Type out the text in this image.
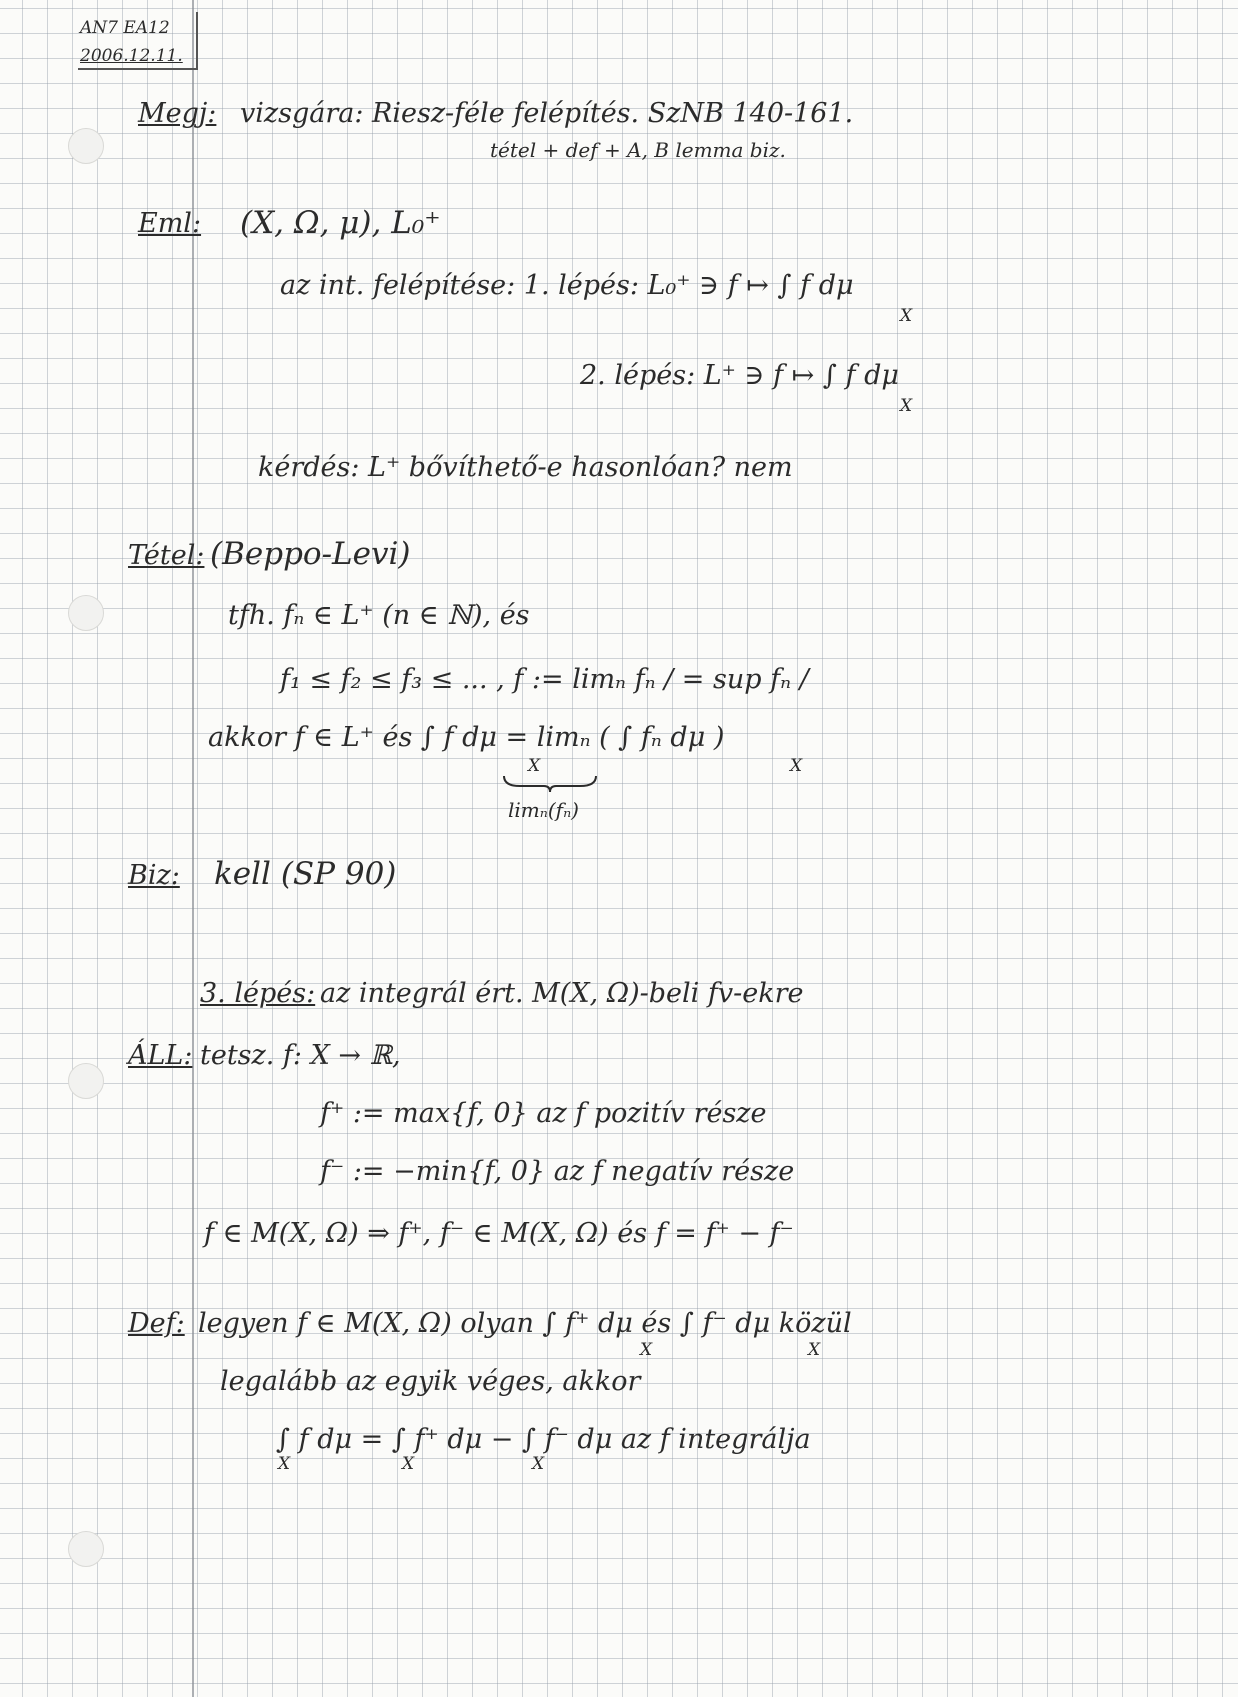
AN7 EA12
2006.12.11.
Megj: vizsgára: Riesz-féle felépítés. SzNB 140-161.
tétel + def + A, B lemma biz.
Eml: (X, Ω, μ), L₀⁺
az int. felépítése: 1. lépés: L₀⁺ ∋ f ↦ ∫ f dμ
X
2. lépés: L⁺ ∋ f ↦ ∫ f dμ
X
kérdés: L⁺ bővíthető-e hasonlóan? nem
Tétel: (Beppo-Levi)
tfh. fₙ ∈ L⁺ (n ∈ ℕ), és
f₁ ≤ f₂ ≤ f₃ ≤ ... , f := limₙ fₙ / = sup fₙ /
akkor f ∈ L⁺ és ∫ f dμ = limₙ ( ∫ fₙ dμ )
X	X
limₙ(fₙ)
Biz: kell (SP 90)
3. lépés: az integrál ért. M(X, Ω)-beli fv-ekre
ÁLL: tetsz. f: X → ℝ,
f⁺ := max{f, 0} az f pozitív része
f⁻ := −min{f, 0} az f negatív része
f ∈ M(X, Ω) ⇒ f⁺, f⁻ ∈ M(X, Ω) és f = f⁺ − f⁻
Def: legyen f ∈ M(X, Ω) olyan ∫ f⁺ dμ és ∫ f⁻ dμ közül
X	X
legalább az egyik véges, akkor
∫ f dμ = ∫ f⁺ dμ − ∫ f⁻ dμ az f integrálja
X	X	X
